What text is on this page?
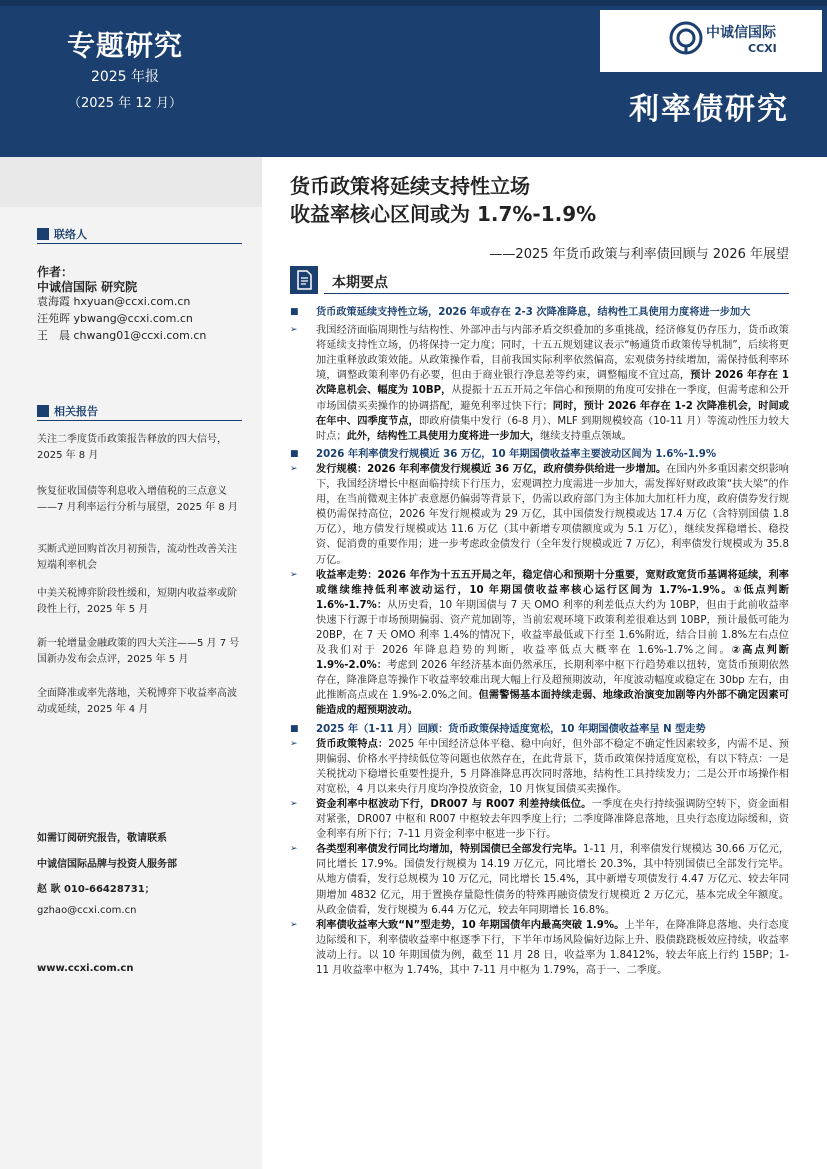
专题研究
2025 年报
（2025 年 12 月）
中诚信国际
CCXI
利率债研究
联络人
作者：
中诚信国际 研究院
袁海霞 hxyuan@ccxi.com.cn
汪苑晖 ybwang@ccxi.com.cn
王　晨 chwang01@ccxi.com.cn
相关报告
关注二季度货币政策报告释放的四大信号，2025 年 8 月
恢复征收国债等利息收入增值税的三点意义——7 月利率运行分析与展望，2025 年 8 月
买断式逆回购首次月初预告，流动性改善关注短端利率机会
中美关税博弈阶段性缓和，短期内收益率或阶段性上行，2025 年 5 月
新一轮增量金融政策的四大关注——5 月 7 号国新办发布会点评，2025 年 5 月
全面降准或率先落地，关税博弈下收益率高波动或延续，2025 年 4 月
如需订阅研究报告，敬请联系
中诚信国际品牌与投资人服务部
赵 耿 010-66428731；
gzhao@ccxi.com.cn
www.ccxi.com.cn
货币政策将延续支持性立场
收益率核心区间或为 1.7%-1.9%
——2025 年货币政策与利率债回顾与 2026 年展望
本期要点
■ 货币政策延续支持性立场，2026 年或存在 2-3 次降准降息，结构性工具使用力度将进一步加大
➢ 我国经济面临周期性与结构性、外部冲击与内部矛盾交织叠加的多重挑战，经济修复仍存压力，货币政策将延续支持性立场，仍将保持一定力度；同时，十五五规划建议表示“畅通货币政策传导机制”，后续将更加注重释放政策效能。从政策操作看，目前我国实际利率依然偏高，宏观债务持续增加，需保持低利率环境，调整政策利率仍有必要，但由于商业银行净息差等约束，调整幅度不宜过高，预计 2026 年存在 1 次降息机会、幅度为 10BP，从提振十五五开局之年信心和预期的角度可安排在一季度，但需考虑和公开市场国债买卖操作的协调搭配，避免利率过快下行；同时，预计 2026 年存在 1-2 次降准机会，时间或在年中、四季度节点，即政府债集中发行（6-8 月）、MLF 到期规模较高（10-11 月）等流动性压力较大时点；此外，结构性工具使用力度将进一步加大，继续支持重点领域。
■ 2026 年利率债发行规模近 36 万亿，10 年期国债收益率主要波动区间为 1.6%-1.9%
➢ 发行规模：2026 年利率债发行规模近 36 万亿，政府债券供给进一步增加。在国内外多重因素交织影响下，我国经济增长中枢面临持续下行压力，宏观调控力度需进一步加大，需发挥好财政政策“扶大梁”的作用，在当前微观主体扩表意愿仍偏弱等背景下，仍需以政府部门为主体加大加杠杆力度，政府债券发行规模仍需保持高位，2026 年发行规模或为 29 万亿，其中国债发行规模或达 17.4 万亿（含特别国债 1.8 万亿），地方债发行规模或达 11.6 万亿（其中新增专项债额度或为 5.1 万亿），继续发挥稳增长、稳投资、促消费的重要作用；进一步考虑政金债发行（全年发行规模或近 7 万亿），利率债发行规模或为 35.8 万亿。
➢ 收益率走势：2026 年作为十五五开局之年，稳定信心和预期十分重要，宽财政宽货币基调将延续，利率或继续维持低利率波动运行，10 年期国债收益率核心运行区间为 1.7%-1.9%。①低点判断 1.6%-1.7%：从历史看，10 年期国债与 7 天 OMO 利率的利差低点大约为 10BP，但由于此前收益率快速下行源于市场预期偏弱、资产荒加剧等，当前宏观环境下政策利差很难达到 10BP，预计最低可能为 20BP，在 7 天 OMO 利率 1.4%的情况下，收益率最低或下行至 1.6%附近，结合目前 1.8%左右点位及我们对于 2026 年降息趋势的判断，收益率低点大概率在 1.6%-1.7%之间。②高点判断 1.9%-2.0%：考虑到 2026 年经济基本面仍然承压，长期利率中枢下行趋势难以扭转，宽货币预期依然存在，降准降息等操作下收益率较难出现大幅上行及超预期波动，年度波动幅度或稳定在 30bp 左右，由此推断高点或在 1.9%-2.0%之间。但需警惕基本面持续走弱、地缘政治演变加剧等内外部不确定因素可能造成的超预期波动。
■ 2025 年（1-11 月）回顾：货币政策保持适度宽松，10 年期国债收益率呈 N 型走势
➢ 货币政策特点：2025 年中国经济总体平稳、稳中向好，但外部不稳定不确定性因素较多，内需不足、预期偏弱、价格水平持续低位等问题也依然存在，在此背景下，货币政策保持适度宽松，有以下特点：一是关税扰动下稳增长重要性提升，5 月降准降息再次同时落地，结构性工具持续发力；二是公开市场操作相对宽松，4 月以来央行月度均净投放资金，10 月恢复国债买卖操作。
➢ 资金利率中枢波动下行，DR007 与 R007 利差持续低位。一季度在央行持续强调防空转下，资金面相对紧张，DR007 中枢和 R007 中枢较去年四季度上行；二季度降准降息落地，且央行态度边际缓和，资金利率有所下行；7-11 月资金利率中枢进一步下行。
➢ 各类型利率债发行同比均增加，特别国债已全部发行完毕。1-11 月，利率债发行规模达 30.66 万亿元，同比增长 17.9%。国债发行规模为 14.19 万亿元，同比增长 20.3%，其中特别国债已全部发行完毕。从地方债看，发行总规模为 10 万亿元，同比增长 15.4%，其中新增专项债发行 4.47 万亿元、较去年同期增加 4832 亿元，用于置换存量隐性债务的特殊再融资债发行规模近 2 万亿元，基本完成全年额度。从政金债看，发行规模为 6.44 万亿元，较去年同期增长 16.8%。
➢ 利率债收益率大致“N”型走势，10 年期国债年内最高突破 1.9%。上半年，在降准降息落地、央行态度边际缓和下，利率债收益率中枢逐季下行，下半年市场风险偏好边际上升、股债跷跷板效应持续，收益率波动上行。以 10 年期国债为例，截至 11 月 28 日，收益率为 1.8412%，较去年底上行约 15BP；1-11 月收益率中枢为 1.74%，其中 7-11 月中枢为 1.79%，高于一、二季度。
